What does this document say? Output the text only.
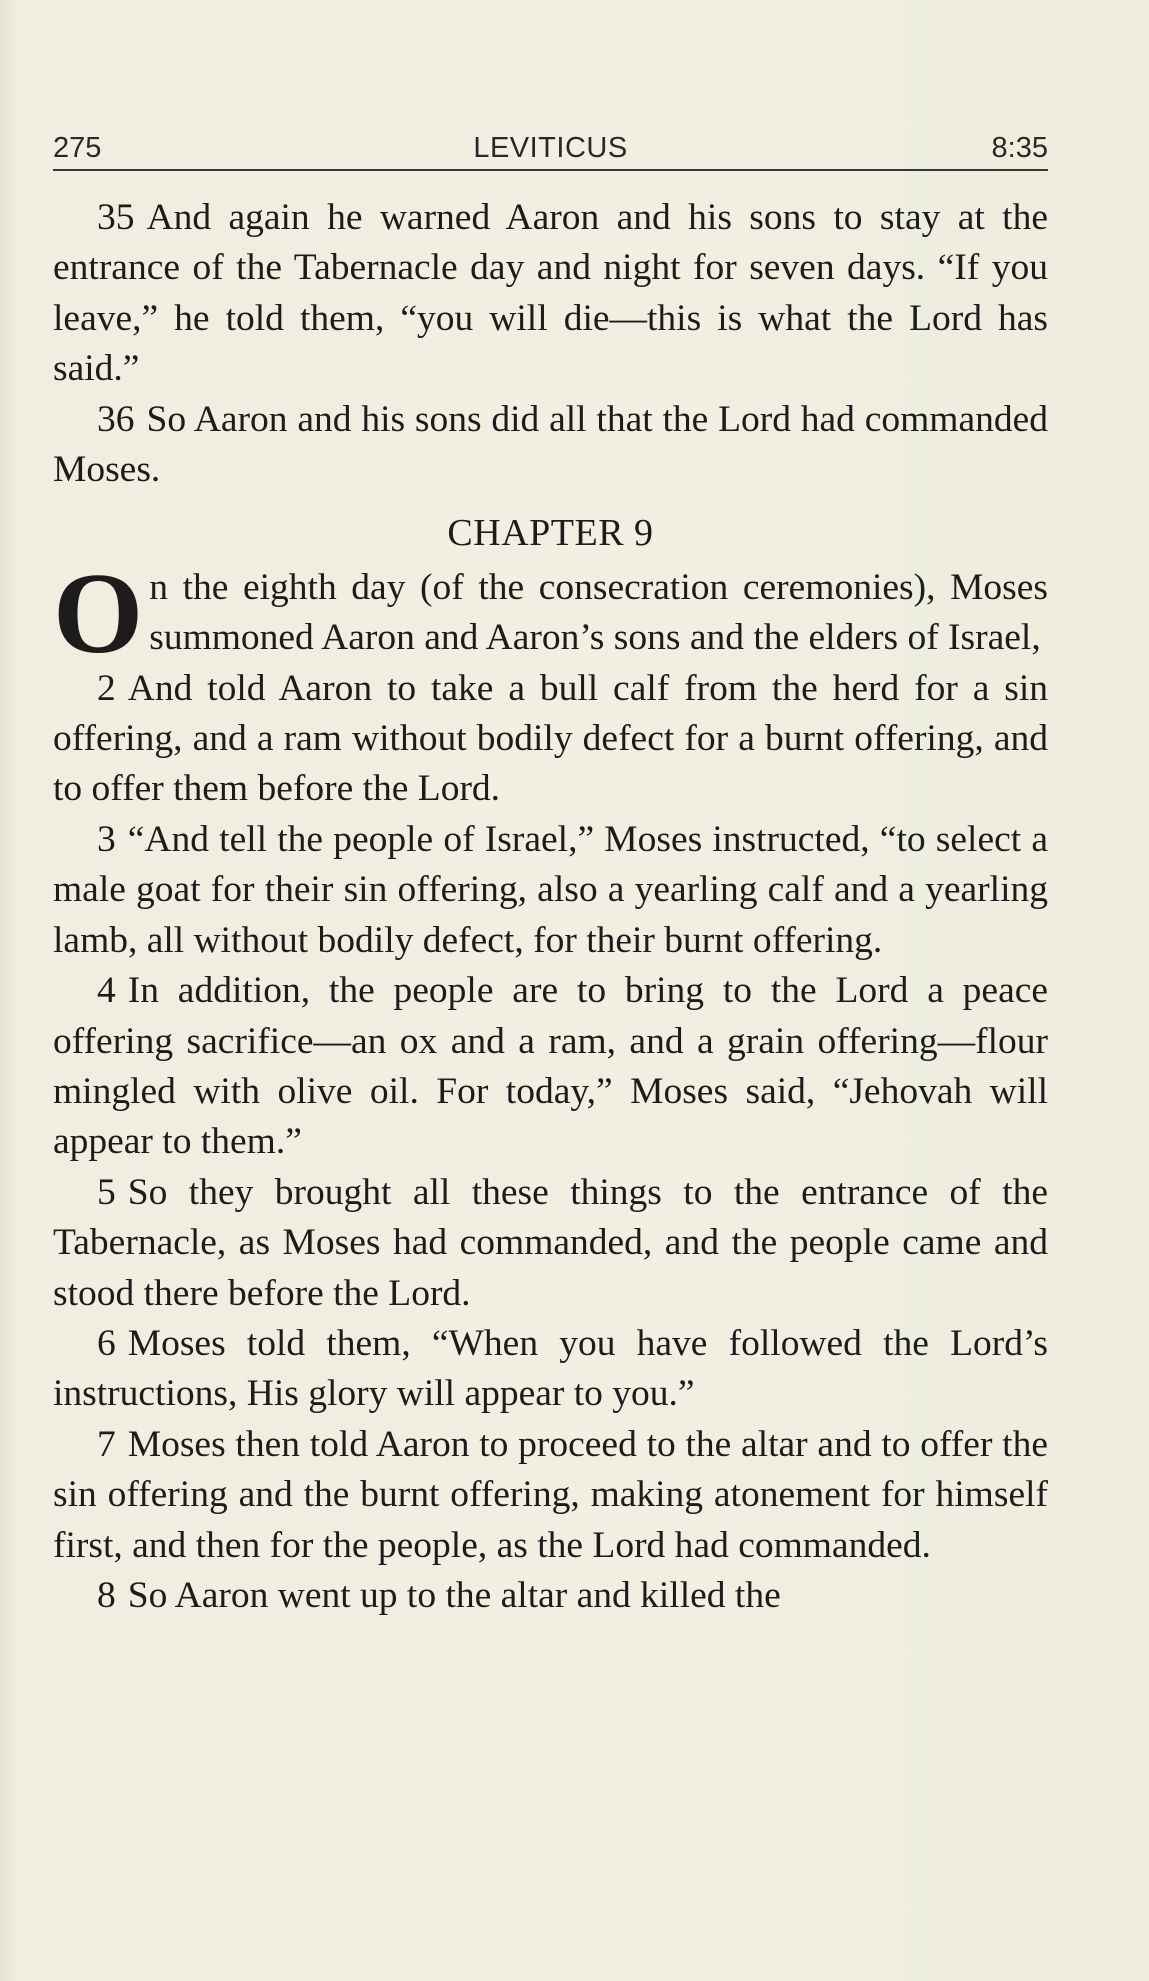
275	LEVITICUS	8:35

35 And again he warned Aaron and his sons to stay at the entrance of the Tabernacle day and night for seven days. “If you leave,” he told them, “you will die—this is what the Lord has said.”

36 So Aaron and his sons did all that the Lord had commanded Moses.

CHAPTER 9

On the eighth day (of the consecration ceremonies), Moses summoned Aaron and Aaron’s sons and the elders of Israel,

2 And told Aaron to take a bull calf from the herd for a sin offering, and a ram without bodily defect for a burnt offering, and to offer them before the Lord.

3 “And tell the people of Israel,” Moses instructed, “to select a male goat for their sin offering, also a yearling calf and a yearling lamb, all without bodily defect, for their burnt offering.

4 In addition, the people are to bring to the Lord a peace offering sacrifice—an ox and a ram, and a grain offering—flour mingled with olive oil. For today,” Moses said, “Jehovah will appear to them.”

5 So they brought all these things to the entrance of the Tabernacle, as Moses had commanded, and the people came and stood there before the Lord.

6 Moses told them, “When you have followed the Lord’s instructions, His glory will appear to you.”

7 Moses then told Aaron to proceed to the altar and to offer the sin offering and the burnt offering, making atonement for himself first, and then for the people, as the Lord had commanded.

8 So Aaron went up to the altar and killed the
